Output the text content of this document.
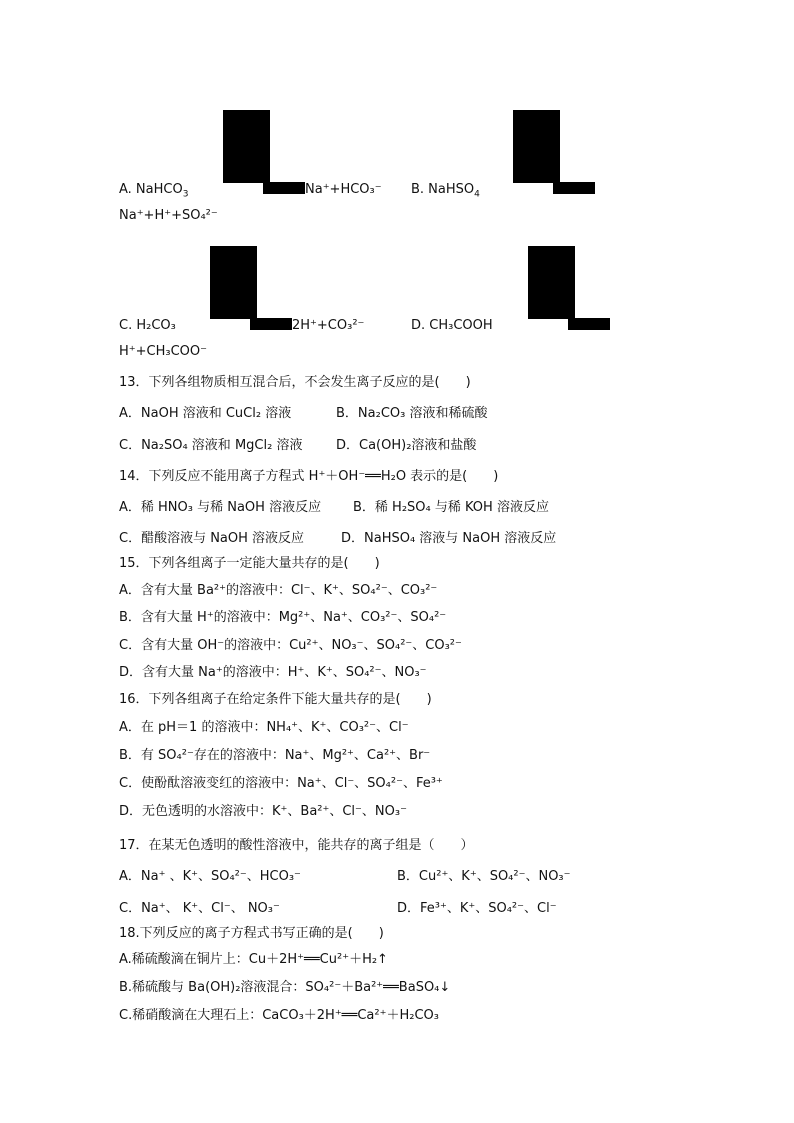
A. NaHCO$_3$	Na⁺+HCO₃⁻ B. NaHSO$_4$
Na⁺+H⁺+SO₄²⁻
C. H₂CO₃	2H⁺+CO₃²⁻	D. CH₃COOH
H⁺+CH₃COO⁻
13．下列各组物质相互混合后，不会发生离子反应的是(　　)
A．NaOH 溶液和 CuCl₂ 溶液	B．Na₂CO₃ 溶液和稀硫酸
C．Na₂SO₄ 溶液和 MgCl₂ 溶液	D．Ca(OH)₂溶液和盐酸
14．下列反应不能用离子方程式 H⁺＋OH⁻══H₂O 表示的是(　　)
A．稀 HNO₃ 与稀 NaOH 溶液反应 B．稀 H₂SO₄ 与稀 KOH 溶液反应
C．醋酸溶液与 NaOH 溶液反应	D．NaHSO₄ 溶液与 NaOH 溶液反应
15．下列各组离子一定能大量共存的是(　　)
A．含有大量 Ba²⁺的溶液中：Cl⁻、K⁺、SO₄²⁻、CO₃²⁻
B．含有大量 H⁺的溶液中：Mg²⁺、Na⁺、CO₃²⁻、SO₄²⁻
C．含有大量 OH⁻的溶液中：Cu²⁺、NO₃⁻、SO₄²⁻、CO₃²⁻
D．含有大量 Na⁺的溶液中：H⁺、K⁺、SO₄²⁻、NO₃⁻
16．下列各组离子在给定条件下能大量共存的是(　　)
A．在 pH＝1 的溶液中：NH₄⁺、K⁺、CO₃²⁻、Cl⁻
B．有 SO₄²⁻存在的溶液中：Na⁺、Mg²⁺、Ca²⁺、Br⁻
C．使酚酞溶液变红的溶液中：Na⁺、Cl⁻、SO₄²⁻、Fe³⁺
D．无色透明的水溶液中：K⁺、Ba²⁺、Cl⁻、NO₃⁻
17．在某无色透明的酸性溶液中，能共存的离子组是（　　）
A．Na⁺ 、K⁺、SO₄²⁻、HCO₃⁻	B．Cu²⁺、K⁺、SO₄²⁻、NO₃⁻
C．Na⁺、 K⁺、Cl⁻、 NO₃⁻	D．Fe³⁺、K⁺、SO₄²⁻、Cl⁻
18.下列反应的离子方程式书写正确的是(　　)
A.稀硫酸滴在铜片上：Cu＋2H⁺══Cu²⁺＋H₂↑
B.稀硫酸与 Ba(OH)₂溶液混合：SO₄²⁻＋Ba²⁺══BaSO₄↓
C.稀硝酸滴在大理石上：CaCO₃＋2H⁺══Ca²⁺＋H₂CO₃
